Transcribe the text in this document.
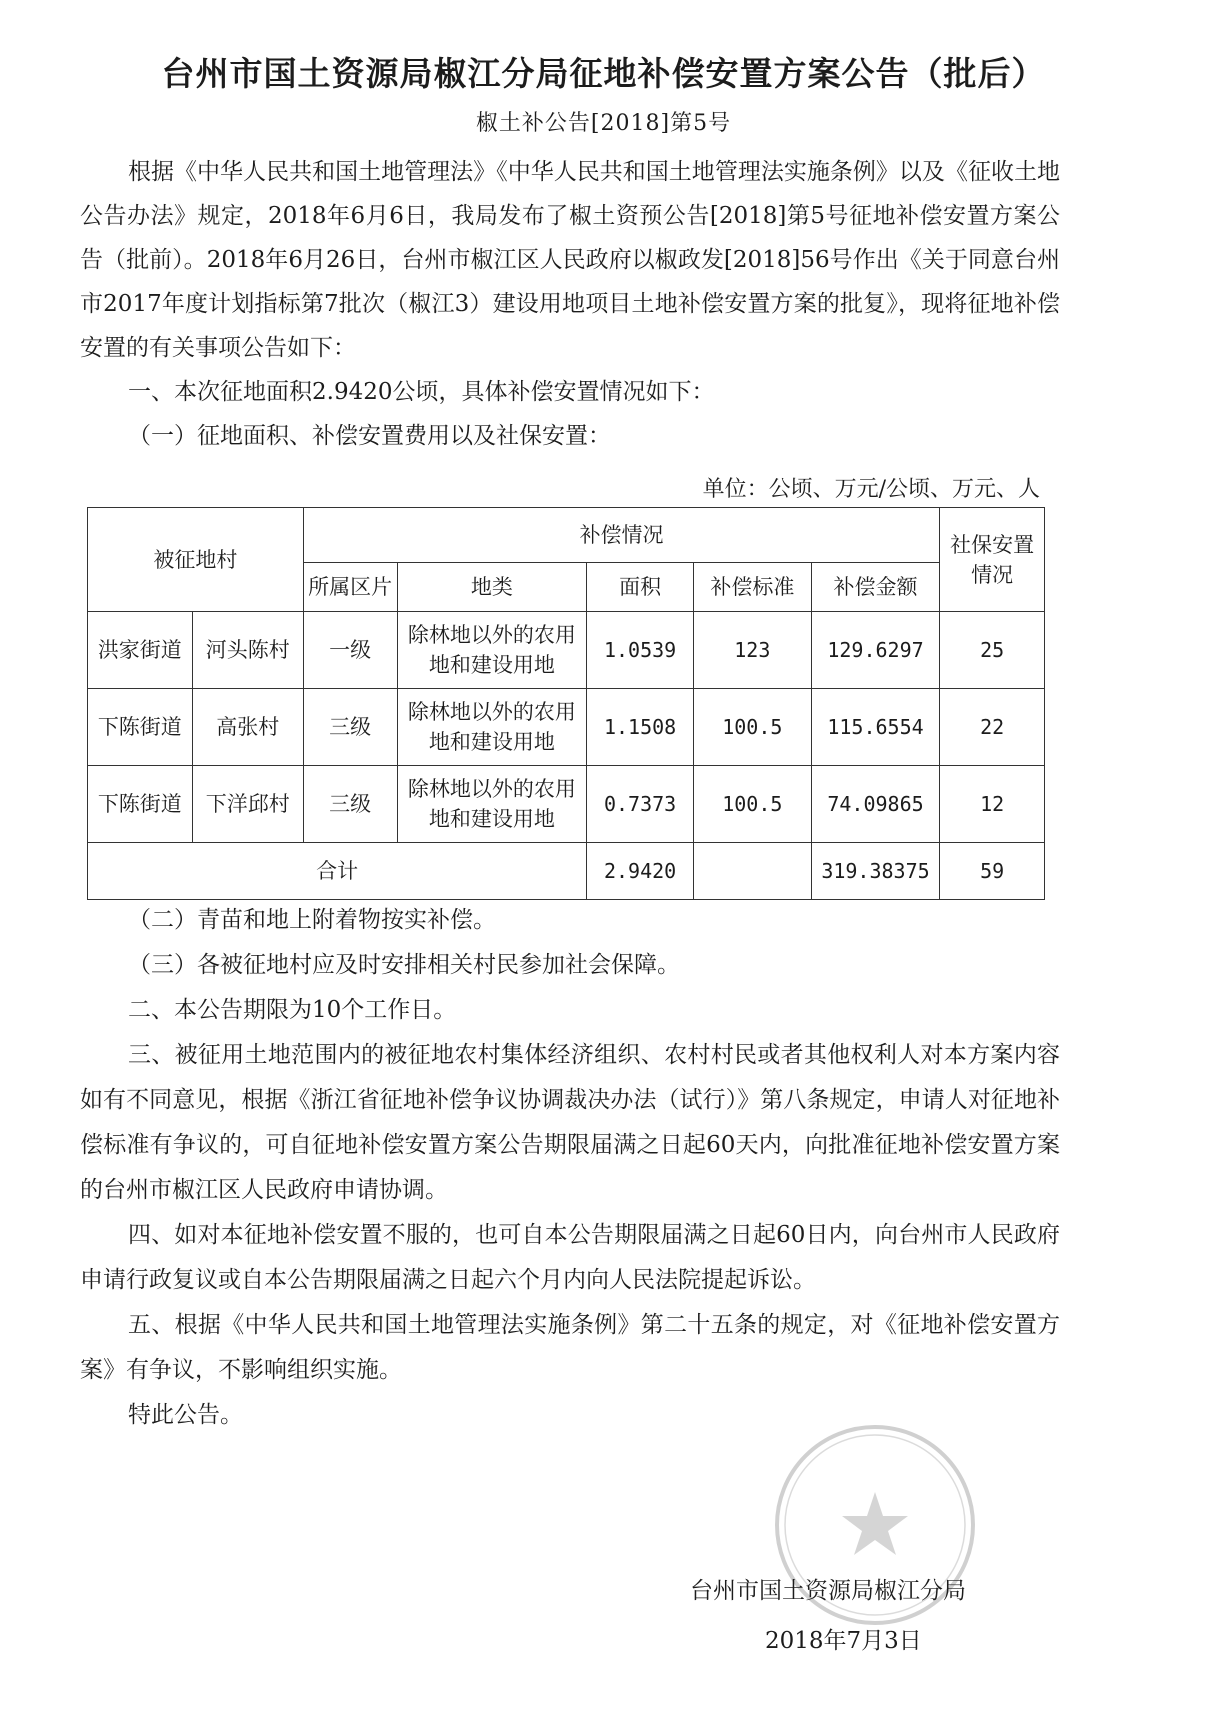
台州市国土资源局椒江分局征地补偿安置方案公告（批后）
椒土补公告[2018]第5号

根据《中华人民共和国土地管理法》《中华人民共和国土地管理法实施条例》以及《征收土地公告办法》规定，2018年6月6日，我局发布了椒土资预公告[2018]第5号征地补偿安置方案公告（批前）。2018年6月26日，台州市椒江区人民政府以椒政发[2018]56号作出《关于同意台州市2017年度计划指标第7批次（椒江3）建设用地项目土地补偿安置方案的批复》，现将征地补偿安置的有关事项公告如下：

一、本次征地面积2.9420公顷，具体补偿安置情况如下：

（一）征地面积、补偿安置费用以及社保安置：

单位：公顷、万元/公顷、万元、人
被征地村		补偿情况					社保安置情况
		所属区片	地类	面积	补偿标准	补偿金额	
洪家街道	河头陈村	一级	除林地以外的农用地和建设用地	1.0539	123	129.6297	25
下陈街道	高张村	三级	除林地以外的农用地和建设用地	1.1508	100.5	115.6554	22
下陈街道	下洋邱村	三级	除林地以外的农用地和建设用地	0.7373	100.5	74.09865	12
合计				2.9420		319.38375	59

（二）青苗和地上附着物按实补偿。

（三）各被征地村应及时安排相关村民参加社会保障。

二、本公告期限为10个工作日。

三、被征用土地范围内的被征地农村集体经济组织、农村村民或者其他权利人对本方案内容如有不同意见，根据《浙江省征地补偿争议协调裁决办法（试行）》第八条规定，申请人对征地补偿标准有争议的，可自征地补偿安置方案公告期限届满之日起60天内，向批准征地补偿安置方案的台州市椒江区人民政府申请协调。

四、如对本征地补偿安置不服的，也可自本公告期限届满之日起60日内，向台州市人民政府申请行政复议或自本公告期限届满之日起六个月内向人民法院提起诉讼。

五、根据《中华人民共和国土地管理法实施条例》第二十五条的规定，对《征地补偿安置方案》有争议，不影响组织实施。

特此公告。

台州市国土资源局椒江分局
2018年7月3日
